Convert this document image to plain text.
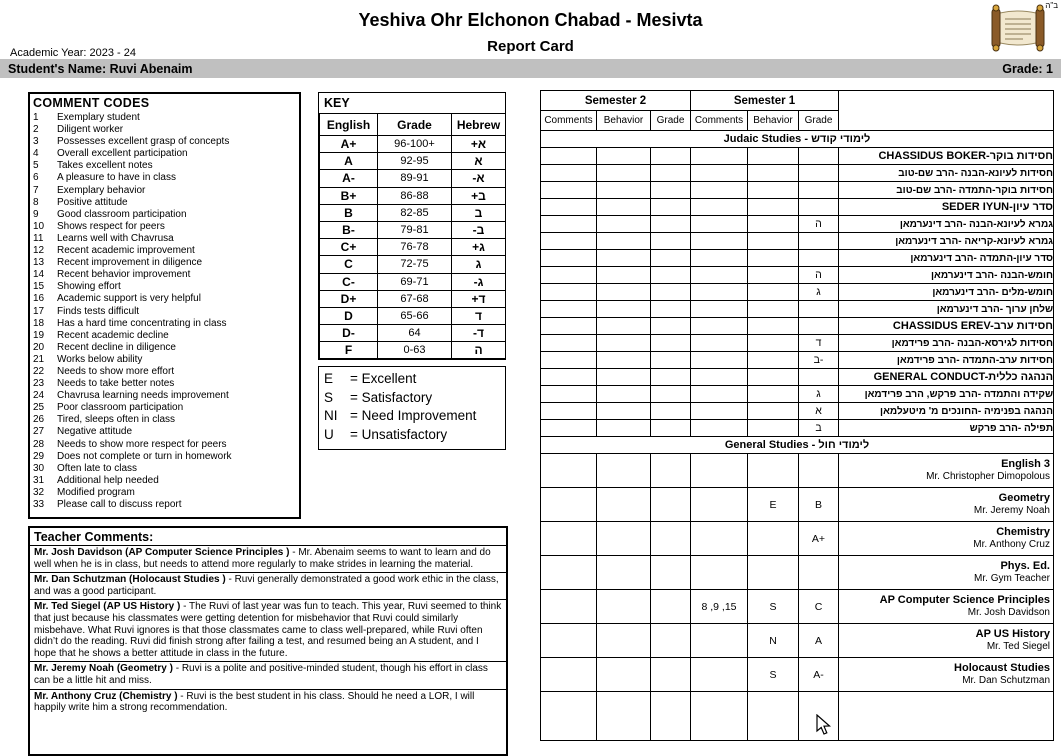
ב"ה
Yeshiva Ohr Elchonon Chabad - Mesivta
Report Card
Academic Year: 2023 - 24
Student's Name: Ruvi Abenaim	Grade: 1
COMMENT CODES
1	Exemplary student
2	Diligent worker
3	Possesses excellent grasp of concepts
4	Overall excellent participation
5	Takes excellent notes
6	A pleasure to have in class
7	Exemplary behavior
8	Positive attitude
9	Good classroom participation
10	Shows respect for peers
11	Learns well with Chavrusa
12	Recent academic improvement
13	Recent improvement in diligence
14	Recent behavior improvement
15	Showing effort
16	Academic support is very helpful
17	Finds tests difficult
18	Has a hard time concentrating in class
19	Recent academic decline
20	Recent decline in diligence
21	Works below ability
22	Needs to show more effort
23	Needs to take better notes
24	Chavrusa learning needs improvement
25	Poor classroom participation
26	Tired, sleeps often in class
27	Negative attitude
28	Needs to show more respect for peers
29	Does not complete or turn in homework
30	Often late to class
31	Additional help needed
32	Modified program
33	Please call to discuss report
KEY
English	Grade	Hebrew
A+	96-100+	א+
A	92-95	א
A-	89-91	א-
B+	86-88	ב+
B	82-85	ב
B-	79-81	ב-
C+	76-78	ג+
C	72-75	ג
C-	69-71	ג-
D+	67-68	ד+
D	65-66	ד
D-	64	ד-
F	0-63	ה
E	= Excellent
S	= Satisfactory
NI = Need Improvement
U	= Unsatisfactory
Semester 2			Semester 1			
Comments	Behavior	Grade	Comments	Behavior	Grade	
Judaic Studies - לימודי קודש						
						CHASSIDUS BOKER-חסידות בוקר
						חסידות לעיונא-הבנה -הרב שם-טוב
						חסידות בוקר-התמדה -הרב שם-טוב
						SEDER IYUN-סדר עיון
					ה	גמרא לעיונא-הבנה -הרב דינערמאן
						גמרא לעיונא-קריאה -הרב דינערמאן
						סדר עיון-התמדה -הרב דינערמאן
					ה	חומש-הבנה -הרב דינערמאן
					ג	חומש-מלים -הרב דינערמאן
						שלחן ערוך -הרב דינערמאן
						CHASSIDUS EREV-חסידות ערב
					ד	חסידות לגירסא-הבנה -הרב פרידמאן
					ב-	חסידות ערב-התמדה -הרב פרידמאן
						GENERAL CONDUCT-הנהגה כללית
					ג	שקידה והתמדה -הרב פרקש, הרב פרידמאן
					א	הנהגה בפנימיה -החונכים מ' מיטעלמאן
					ב	תפילה -הרב פרקש
General Studies - לימודי חול						

						English 3
Mr. Christopher Dimopolous

				E	B	Geometry
Mr. Jeremy Noah

					A+	Chemistry
Mr. Anthony Cruz

						Phys. Ed.
Mr. Gym Teacher

			8 ,9 ,15	S	C	AP Computer Science Principles
Mr. Josh Davidson

				N	A	AP US History
Mr. Ted Siegel

				S	A-	Holocaust Studies
Mr. Dan Schutzman

Teacher Comments:
Mr. Josh Davidson (AP Computer Science Principles ) - Mr. Abenaim seems to want to learn and do well when he is in class, but needs to attend more regularly to make strides in learning the material.
Mr. Dan Schutzman (Holocaust Studies ) - Ruvi generally demonstrated a good work ethic in the class, and was a good participant.
Mr. Ted Siegel (AP US History ) - The Ruvi of last year was fun to teach. This year, Ruvi seemed to think that just because his classmates were getting detention for misbehavior that Ruvi could similarly misbehave. What Ruvi ignores is that those classmates came to class well-prepared, while Ruvi often didn’t do the reading. Ruvi did finish strong after failing a test, and resumed being an A student, and I hope that he shows a better attitude in class in the future.
Mr. Jeremy Noah (Geometry ) - Ruvi is a polite and positive-minded student, though his effort in class can be a little hit and miss.
Mr. Anthony Cruz (Chemistry ) - Ruvi is the best student in his class. Should he need a LOR, I will happily write him a strong recommendation.
